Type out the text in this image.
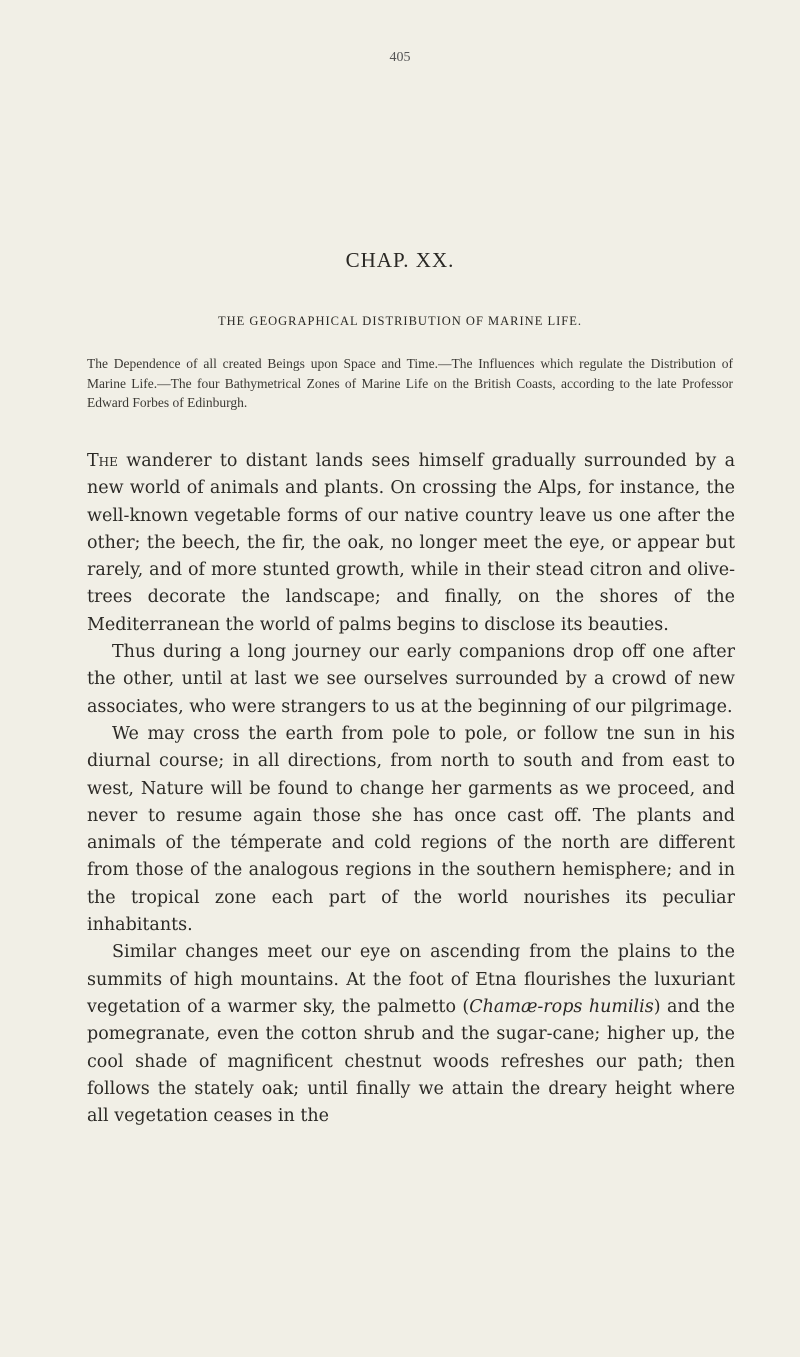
405
CHAP. XX.
THE GEOGRAPHICAL DISTRIBUTION OF MARINE LIFE.
The Dependence of all created Beings upon Space and Time.—The Influences which regulate the Distribution of Marine Life.—The four Bathymetrical Zones of Marine Life on the British Coasts, according to the late Professor Edward Forbes of Edinburgh.

The wanderer to distant lands sees himself gradually surrounded by a new world of animals and plants. On crossing the Alps, for instance, the well-known vegetable forms of our native country leave us one after the other; the beech, the fir, the oak, no longer meet the eye, or appear but rarely, and of more stunted growth, while in their stead citron and olive-trees decorate the landscape; and finally, on the shores of the Mediterranean the world of palms begins to disclose its beauties.

Thus during a long journey our early companions drop off one after the other, until at last we see ourselves surrounded by a crowd of new associates, who were strangers to us at the beginning of our pilgrimage.

We may cross the earth from pole to pole, or follow tne sun in his diurnal course; in all directions, from north to south and from east to west, Nature will be found to change her garments as we proceed, and never to resume again those she has once cast off. The plants and animals of the témperate and cold regions of the north are different from those of the analogous regions in the southern hemisphere; and in the tropical zone each part of the world nourishes its peculiar inhabitants.

Similar changes meet our eye on ascending from the plains to the summits of high mountains. At the foot of Etna flourishes the luxuriant vegetation of a warmer sky, the palmetto (Chamæ-rops humilis) and the pomegranate, even the cotton shrub and the sugar-cane; higher up, the cool shade of magnificent chestnut woods refreshes our path; then follows the stately oak; until finally we attain the dreary height where all vegetation ceases in the
